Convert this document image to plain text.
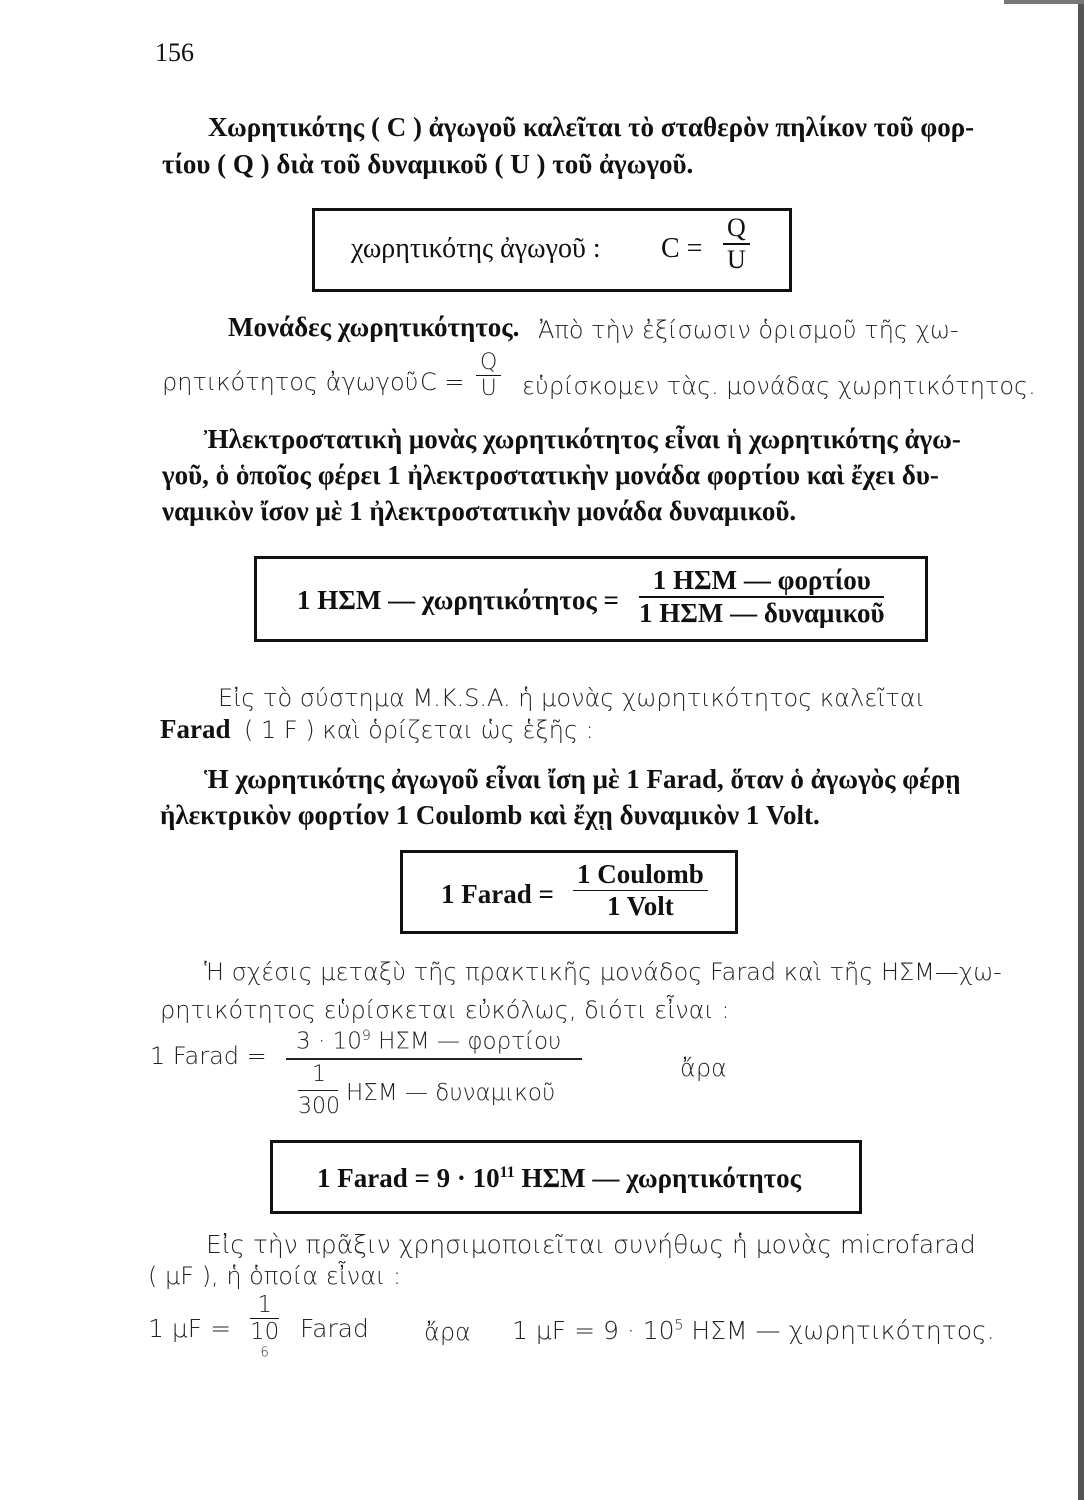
156
Χωρητικότης ( C ) ἀγωγοῦ καλεῖται τὸ σταθερὸν πηλίκον τοῦ φορ-
τίου ( Q ) διὰ τοῦ δυναμικοῦ ( U ) τοῦ ἀγωγοῦ.
χωρητικότης ἀγωγοῦ : $C = \frac{Q}{U}$
Μονάδες χωρητικότητος. Ἀπὸ τὴν ἐξίσωσιν ὁρισμοῦ τῆς χω-
ρητικότητος ἀγωγοῦ $C = \frac{Q}{U}$ εὑρίσκομεν τὰς. μονάδας χωρητικότητος.
Ἠλεκτροστατικὴ μονὰς χωρητικότητος εἶναι ἡ χωρητικότης ἀγω-
γοῦ, ὁ ὁποῖος φέρει 1 ἠλεκτροστατικὴν μονάδα φορτίου καὶ ἔχει δυ-
ναμικὸν ἴσον μὲ 1 ἠλεκτροστατικὴν μονάδα δυναμικοῦ.
1 ΗΣΜ — $\chi\omega\rho\eta\tau\iota\kappa ό\tau\eta\tau o\varsigma = \frac{\text{1 ΗΣΜ — φορτίου}}{\text{1 ΗΣΜ — δυναμικοῦ}}$
Εἰς τὸ σύστημα Μ.Κ.S.A. ἡ μονὰς χωρητικότητος καλεῖται
Farad ( 1 F ) καὶ ὁρίζεται ὡς ἑξῆς :
Ἡ χωρητικότης ἀγωγοῦ εἶναι ἴση μὲ 1 Farad, ὅταν ὁ ἀγωγὸς φέρῃ
ἠλεκτρικὸν φορτίον 1 Coulomb καὶ ἔχῃ δυναμικὸν 1 Volt.
1 Farad = $\frac{\text{1 Coulomb}}{\text{1 Volt}}$
Ἡ σχέσις μεταξὺ τῆς πρακτικῆς μονάδος Farad καὶ τῆς ΗΣΜ—χω-
ρητικότητος εὑρίσκεται εὐκόλως, διότι εἶναι :
1 Farad =
$3 \cdot 10^9$ ΗΣΜ — φορτίου
1
300
ΗΣΜ — δυναμικοῦ
ἄρα
1 Farad = $9 \cdot 10^{11}$ ΗΣΜ — χωρητικότητος
Εἰς τὴν πρᾶξιν χρησιμοποιεῖται συνήθως ἡ μονὰς microfarad
( μF ), ἡ ὁποία εἶναι :
1 μF = 1
10
$^6$ Farad ἄρα 1 $\mu F = 9 \cdot 10^5$ ΗΣΜ — χωρητικότητος.
